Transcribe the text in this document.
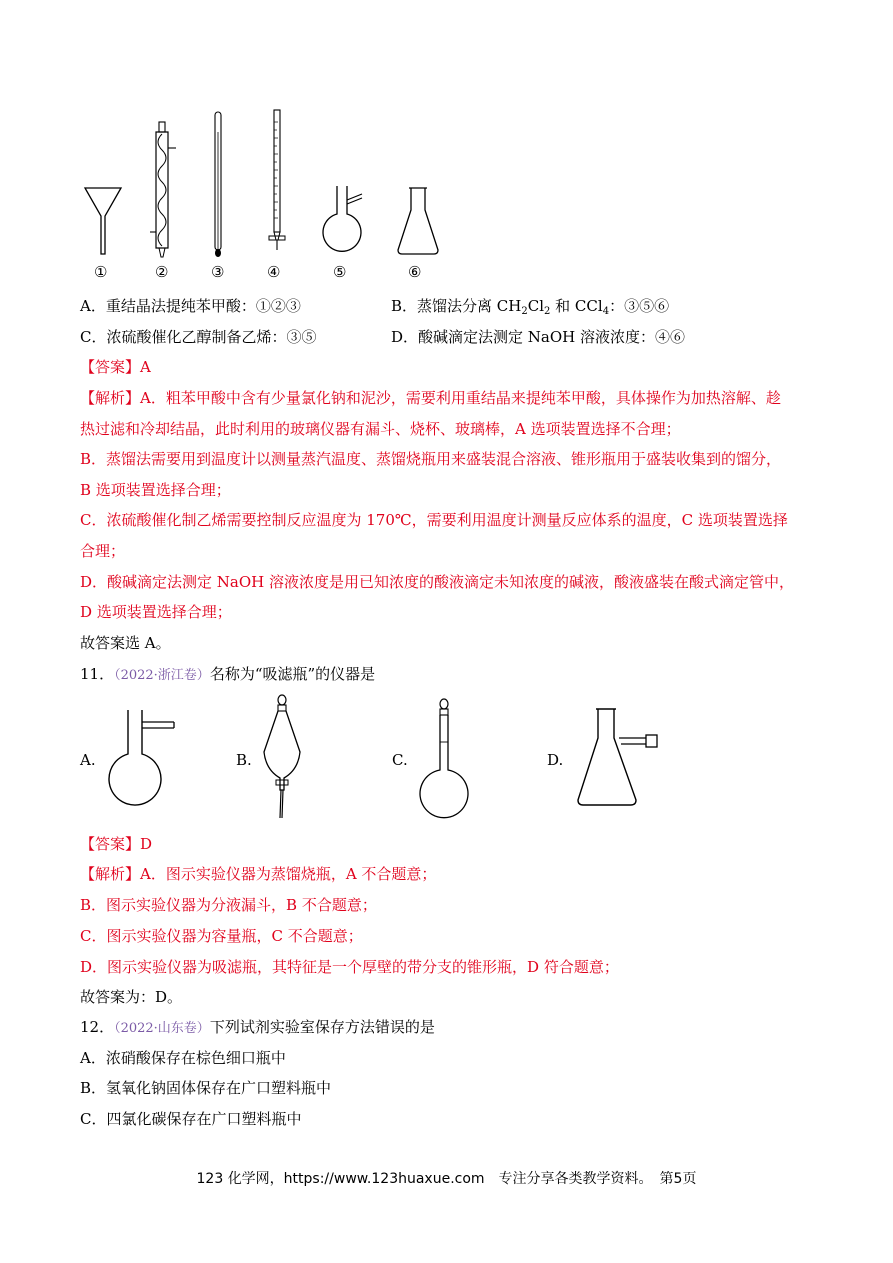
①	②	③	④	⑤	⑥
A．重结晶法提纯苯甲酸：①②③	B．蒸馏法分离 $CH_2Cl_2$ 和 CCl$_4$：③⑤⑥
C．浓硫酸催化乙醇制备乙烯：③⑤	D．酸碱滴定法测定 NaOH 溶液浓度：④⑥
【答案】A
【解析】A．粗苯甲酸中含有少量氯化钠和泥沙，需要利用重结晶来提纯苯甲酸，具体操作为加热溶解、趁
热过滤和冷却结晶，此时利用的玻璃仪器有漏斗、烧杯、玻璃棒，A 选项装置选择不合理；
B．蒸馏法需要用到温度计以测量蒸汽温度、蒸馏烧瓶用来盛装混合溶液、锥形瓶用于盛装收集到的馏分，
B 选项装置选择合理；
C．浓硫酸催化制乙烯需要控制反应温度为 170℃，需要利用温度计测量反应体系的温度，C 选项装置选择
合理；
D．酸碱滴定法测定 NaOH 溶液浓度是用已知浓度的酸液滴定未知浓度的碱液，酸液盛装在酸式滴定管中，
D 选项装置选择合理；
故答案选 A。
11．（2022·浙江卷）名称为“吸滤瓶”的仪器是
A.	B.	C.	D.
【答案】D
【解析】A．图示实验仪器为蒸馏烧瓶，A 不合题意；
B．图示实验仪器为分液漏斗，B 不合题意；
C．图示实验仪器为容量瓶，C 不合题意；
D．图示实验仪器为吸滤瓶，其特征是一个厚壁的带分支的锥形瓶，D 符合题意；
故答案为：D。
12．（2022·山东卷）下列试剂实验室保存方法错误的是
A．浓硝酸保存在棕色细口瓶中
B．氢氧化钠固体保存在广口塑料瓶中
C．四氯化碳保存在广口塑料瓶中
123 化学网，https://www.123huaxue.com　专注分享各类教学资料。　第5页
